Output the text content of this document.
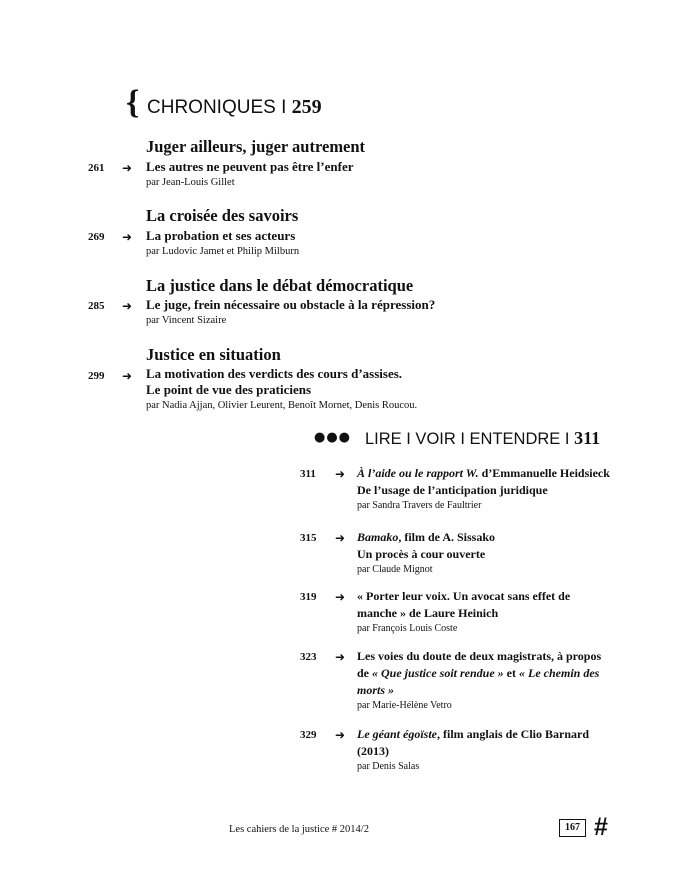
{ CHRONIQUES I 259
Juger ailleurs, juger autrement
261 ➜ Les autres ne peuvent pas être l’enfer
par Jean-Louis Gillet
La croisée des savoirs
269 ➜ La probation et ses acteurs
par Ludovic Jamet et Philip Milburn
La justice dans le débat démocratique
285 ➜ Le juge, frein nécessaire ou obstacle à la répression?
par Vincent Sizaire
Justice en situation
299 ➜ La motivation des verdicts des cours d’assises.
Le point de vue des praticiens
par Nadia Ajjan, Olivier Leurent, Benoît Mornet, Denis Roucou.
●●● LIRE I VOIR I ENTENDRE I 311
311	➜ À l’aide ou le rapport W. d’Emmanuelle Heidsieck
De l’usage de l’anticipation juridique
par Sandra Travers de Faultrier
315 ➜ Bamako, film de A. Sissako
Un procès à cour ouverte
par Claude Mignot
319 ➜ « Porter leur voix. Un avocat sans effet de
manche » de Laure Heinich
par François Louis Coste
323 ➜ Les voies du doute de deux magistrats, à propos
de « Que justice soit rendue » et « Le chemin des
morts »
par Marie-Hélène Vetro
329 ➜ Le géant égoïste, film anglais de Clio Barnard
(2013)
par Denis Salas
Les cahiers de la justice # 2014/2	167 #
